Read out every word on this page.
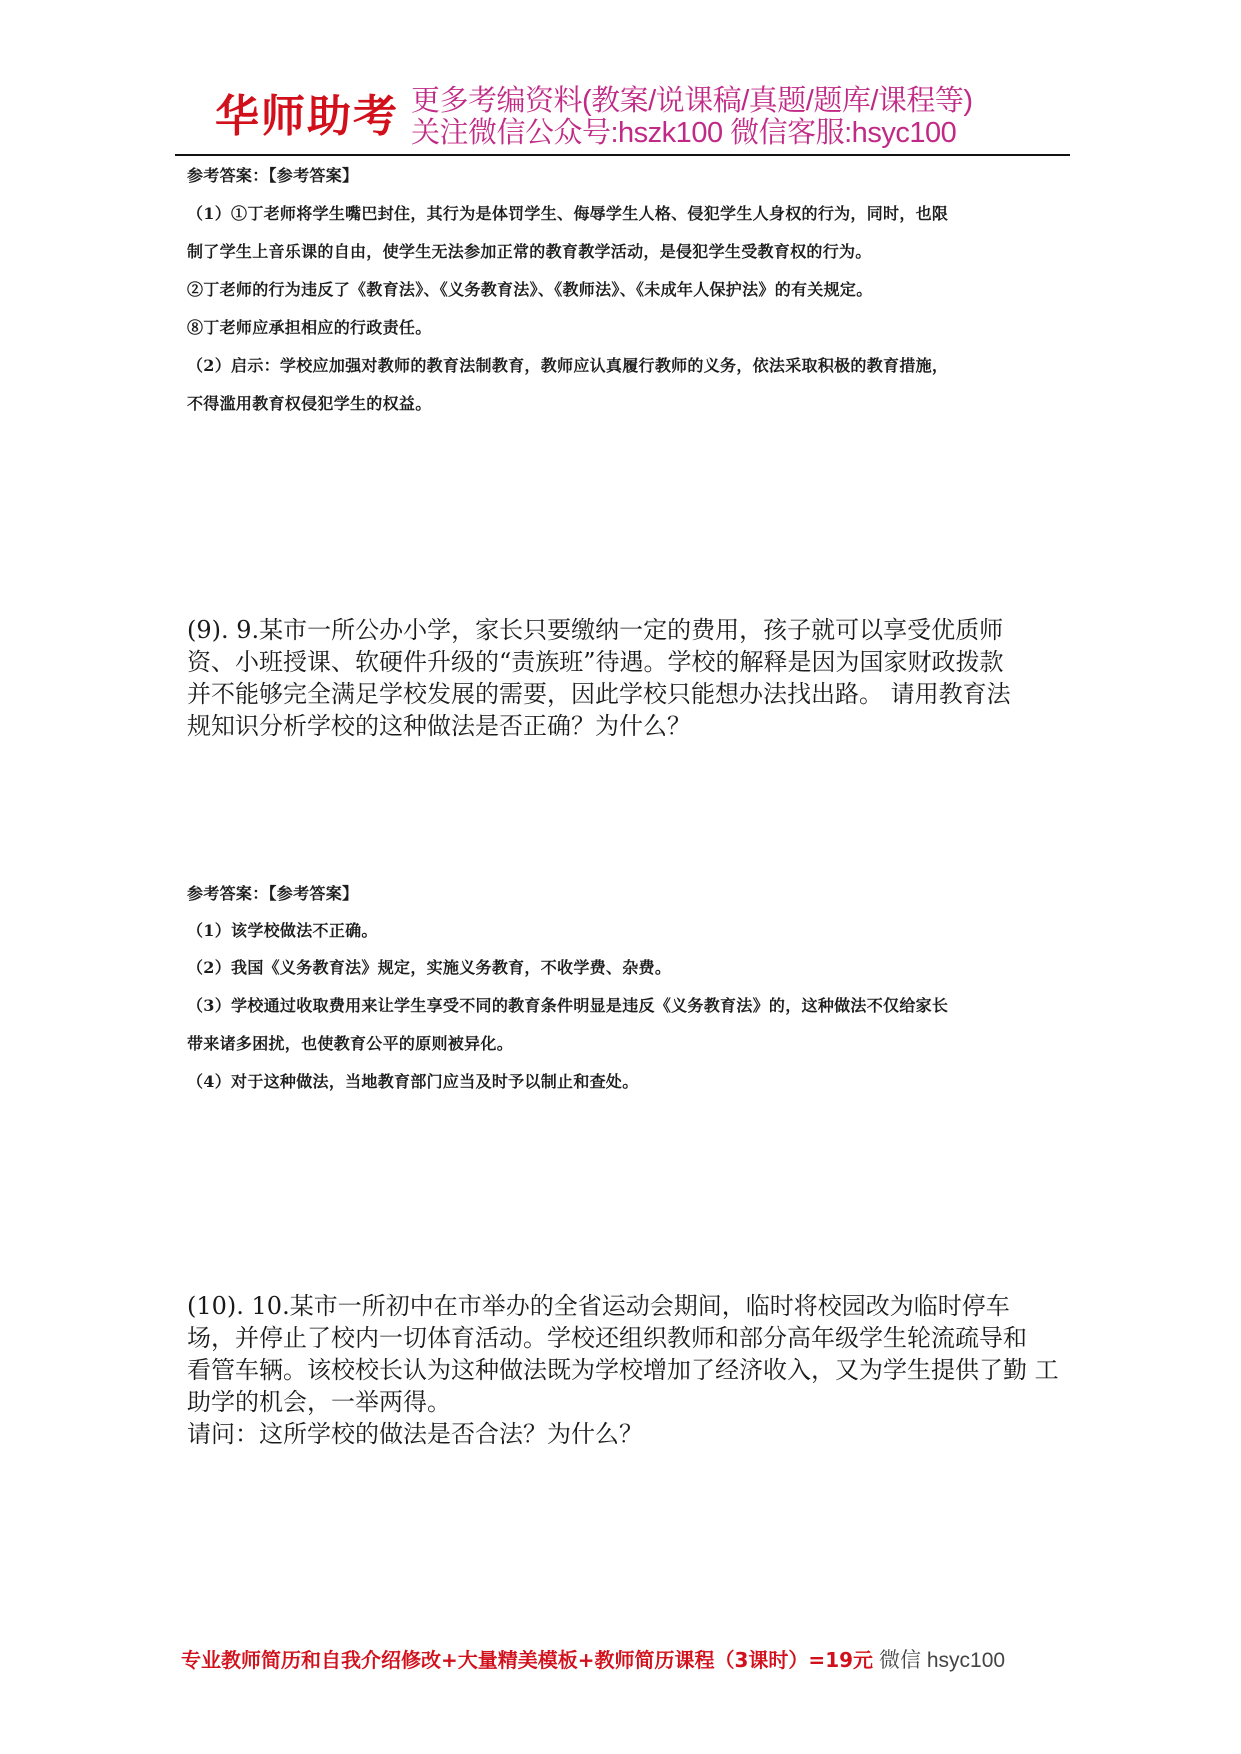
华师助考 更多考编资料(教案/说课稿/真题/题库/课程等)
关注微信公众号:hszk100 微信客服:hsyc100
参考答案：【参考答案】
（1）①丁老师将学生嘴巴封住，其行为是体罚学生、侮辱学生人格、侵犯学生人身权的行为，同时，也限
制了学生上音乐课的自由，使学生无法参加正常的教育教学活动，是侵犯学生受教育权的行为。
②丁老师的行为违反了《教育法》、《义务教育法》、《教师法》、《未成年人保护法》的有关规定。
⑧丁老师应承担相应的行政责任。
（2）启示：学校应加强对教师的教育法制教育，教师应认真履行教师的义务，依法采取积极的教育措施，
不得滥用教育权侵犯学生的权益。

(9). 9.某市一所公办小学，家长只要缴纳一定的费用，孩子就可以享受优质师

资、小班授课、软硬件升级的“责族班”待遇。学校的解释是因为国家财政拨款

并不能够完全满足学校发展的需要，因此学校只能想办法找出路。 请用教育法

规知识分析学校的这种做法是否正确？为什么？

参考答案：【参考答案】
（1）该学校做法不正确。
（2）我国《义务教育法》规定，实施义务教育，不收学费、杂费。
（3）学校通过收取费用来让学生享受不同的教育条件明显是违反《义务教育法》的，这种做法不仅给家长
带来诸多困扰，也使教育公平的原则被异化。
（4）对于这种做法，当地教育部门应当及时予以制止和查处。

(10). 10.某市一所初中在市举办的全省运动会期间，临时将校园改为临时停车

场，并停止了校内一切体育活动。学校还组织教师和部分高年级学生轮流疏导和

看管车辆。该校校长认为这种做法既为学校增加了经济收入，又为学生提供了勤 工

助学的机会，一举两得。

请问：这所学校的做法是否合法？为什么？

专业教师简历和自我介绍修改+大量精美模板+教师简历课程（3课时）=19元 微信 hsyc100
